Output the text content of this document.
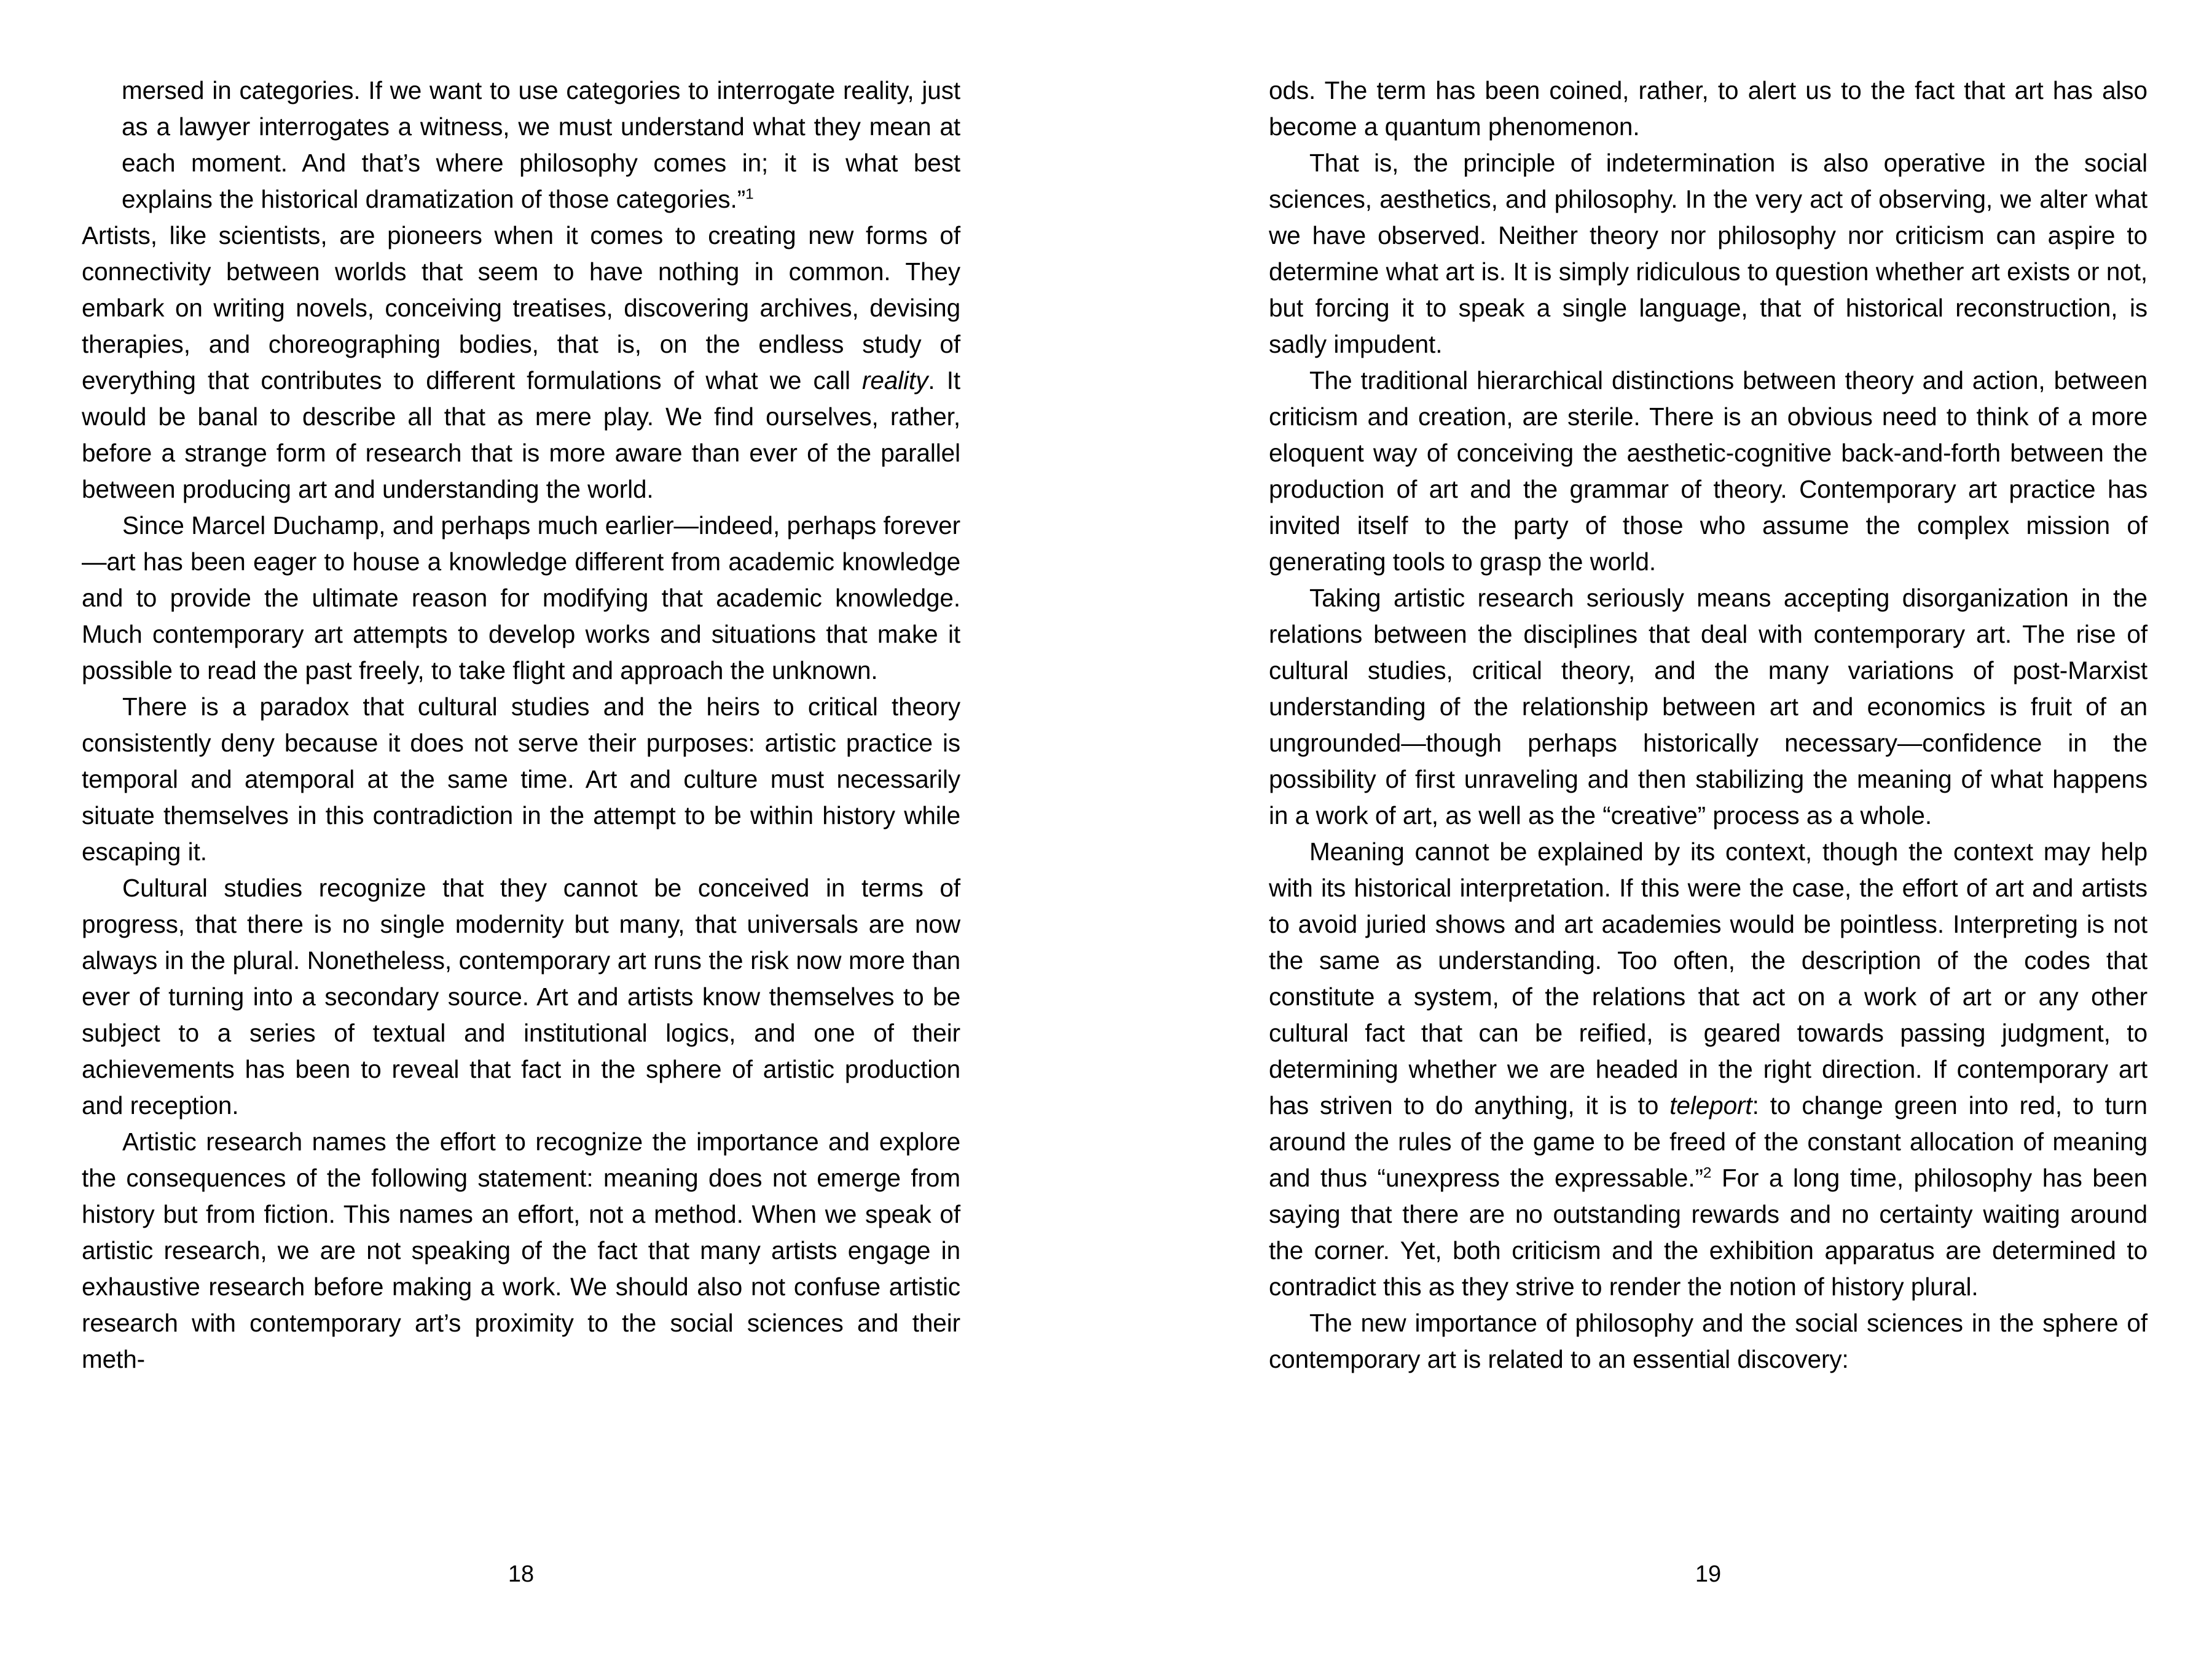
mersed in categories. If we want to use categories to interrogate reality, just as a lawyer interrogates a witness, we must understand what they mean at each moment. And that’s where philosophy comes in; it is what best explains the historical dramatization of those categories.”$^1$

Artists, like scientists, are pioneers when it comes to creating new forms of connectivity between worlds that seem to have nothing in common. They embark on writing novels, conceiving treatises, discovering archives, devising therapies, and choreographing bodies, that is, on the endless study of everything that contributes to different formulations of what we call reality. It would be banal to describe all that as mere play. We find ourselves, rather, before a strange form of research that is more aware than ever of the parallel between producing art and understanding the world.

Since Marcel Duchamp, and perhaps much earlier—indeed, perhaps forever—art has been eager to house a knowledge different from academic knowledge and to provide the ultimate reason for modifying that academic knowledge. Much contemporary art attempts to develop works and situations that make it possible to read the past freely, to take flight and approach the unknown.

There is a paradox that cultural studies and the heirs to critical theory consistently deny because it does not serve their purposes: artistic practice is temporal and atemporal at the same time. Art and culture must necessarily situate themselves in this contradiction in the attempt to be within history while escaping it.

Cultural studies recognize that they cannot be conceived in terms of progress, that there is no single modernity but many, that universals are now always in the plural. Nonetheless, contemporary art runs the risk now more than ever of turning into a secondary source. Art and artists know themselves to be subject to a series of textual and institutional logics, and one of their achievements has been to reveal that fact in the sphere of artistic production and reception.

Artistic research names the effort to recognize the importance and explore the consequences of the following statement: meaning does not emerge from history but from fiction. This names an effort, not a method. When we speak of artistic research, we are not speaking of the fact that many artists engage in exhaustive research before making a work. We should also not confuse artistic research with contemporary art’s proximity to the social sciences and their meth-

18

ods. The term has been coined, rather, to alert us to the fact that art has also become a quantum phenomenon.

That is, the principle of indetermination is also operative in the social sciences, aesthetics, and philosophy. In the very act of observing, we alter what we have observed. Neither theory nor philosophy nor criticism can aspire to determine what art is. It is simply ridiculous to question whether art exists or not, but forcing it to speak a single language, that of historical reconstruction, is sadly impudent.

The traditional hierarchical distinctions between theory and action, between criticism and creation, are sterile. There is an obvious need to think of a more eloquent way of conceiving the aesthetic-cognitive back-and-forth between the production of art and the grammar of theory. Contemporary art practice has invited itself to the party of those who assume the complex mission of generating tools to grasp the world.

Taking artistic research seriously means accepting disorganization in the relations between the disciplines that deal with contemporary art. The rise of cultural studies, critical theory, and the many variations of post-Marxist understanding of the relationship between art and economics is fruit of an ungrounded—though perhaps historically necessary—confidence in the possibility of first unraveling and then stabilizing the meaning of what happens in a work of art, as well as the “creative” process as a whole.

Meaning cannot be explained by its context, though the context may help with its historical interpretation. If this were the case, the effort of art and artists to avoid juried shows and art academies would be pointless. Interpreting is not the same as understanding. Too often, the description of the codes that constitute a system, of the relations that act on a work of art or any other cultural fact that can be reified, is geared towards passing judgment, to determining whether we are headed in the right direction. If contemporary art has striven to do anything, it is to teleport: to change green into red, to turn around the rules of the game to be freed of the constant allocation of meaning and thus “unexpress the expressable.”$^2$ For a long time, philosophy has been saying that there are no outstanding rewards and no certainty waiting around the corner. Yet, both criticism and the exhibition apparatus are determined to contradict this as they strive to render the notion of history plural.

The new importance of philosophy and the social sciences in the sphere of contemporary art is related to an essential discovery:

19
